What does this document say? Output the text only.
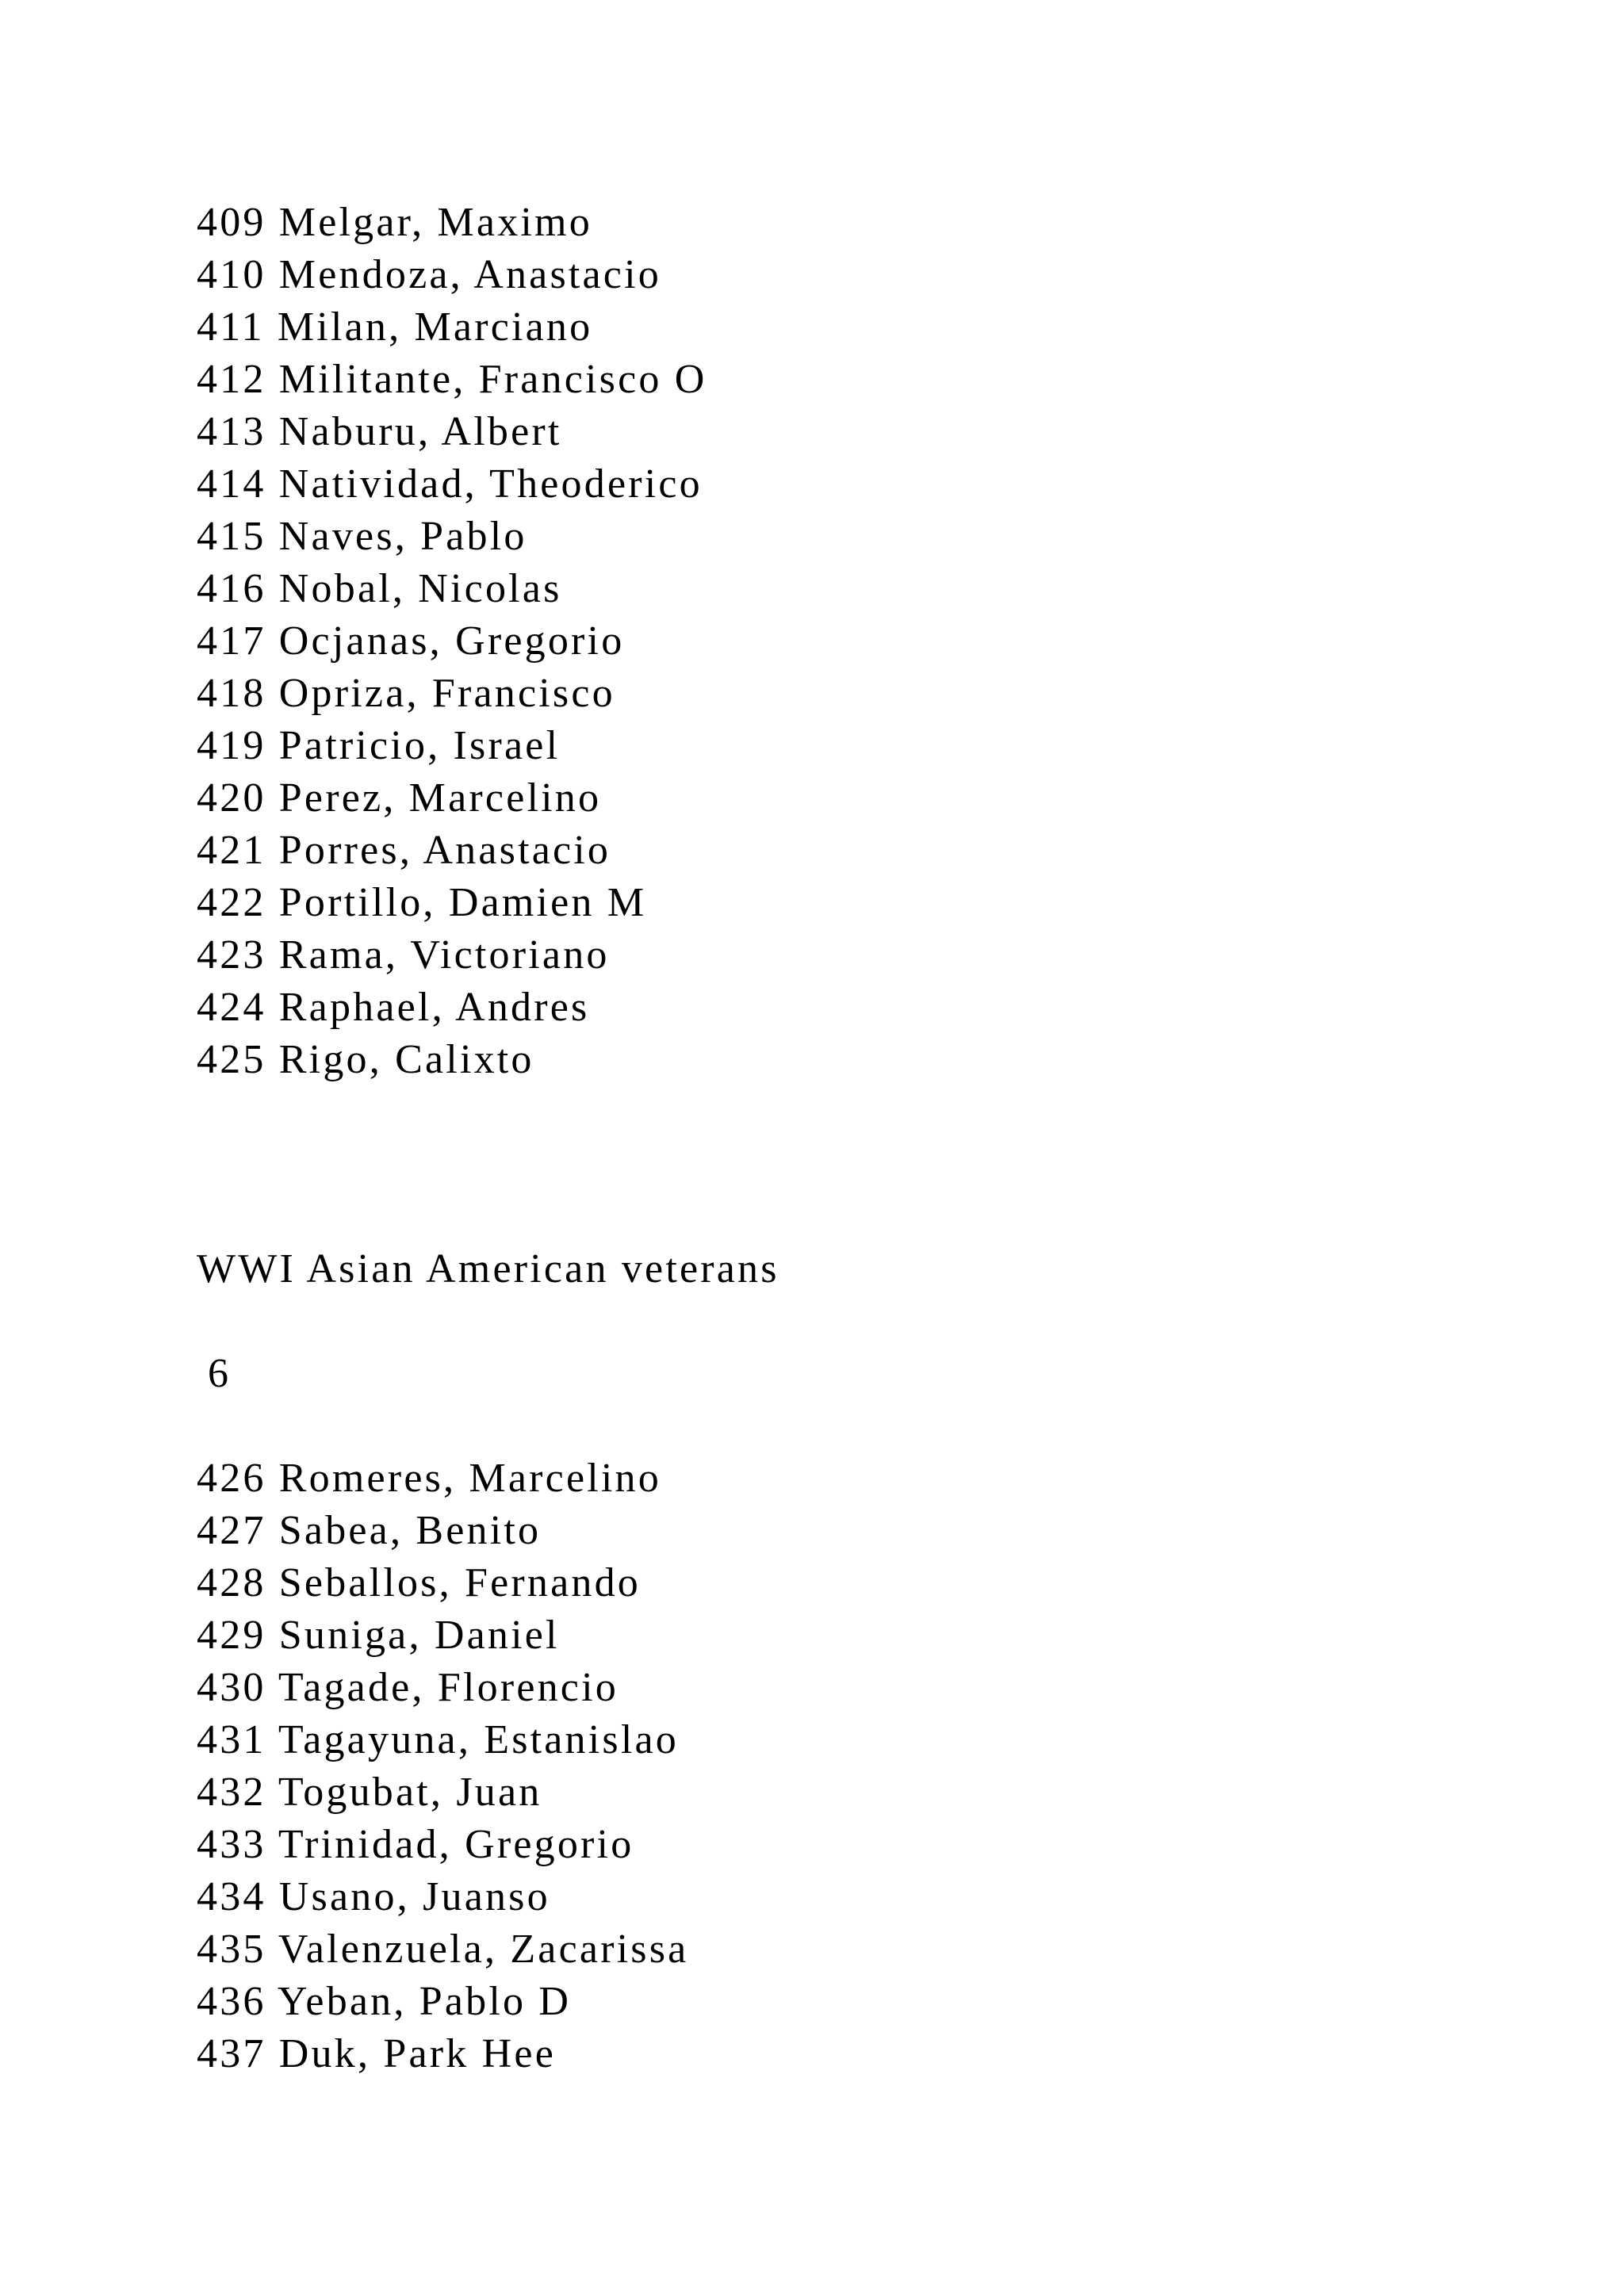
409 Melgar, Maximo
410 Mendoza, Anastacio
411 Milan, Marciano
412 Militante, Francisco O
413 Naburu, Albert
414 Natividad, Theoderico
415 Naves, Pablo
416 Nobal, Nicolas
417 Ocjanas, Gregorio
418 Opriza, Francisco
419 Patricio, Israel
420 Perez, Marcelino
421 Porres, Anastacio
422 Portillo, Damien M
423 Rama, Victoriano
424 Raphael, Andres
425 Rigo, Calixto
WWI Asian American veterans
6
426 Romeres, Marcelino
427 Sabea, Benito
428 Seballos, Fernando
429 Suniga, Daniel
430 Tagade, Florencio
431 Tagayuna, Estanislao
432 Togubat, Juan
433 Trinidad, Gregorio
434 Usano, Juanso
435 Valenzuela, Zacarissa
436 Yeban, Pablo D
437 Duk, Park Hee
